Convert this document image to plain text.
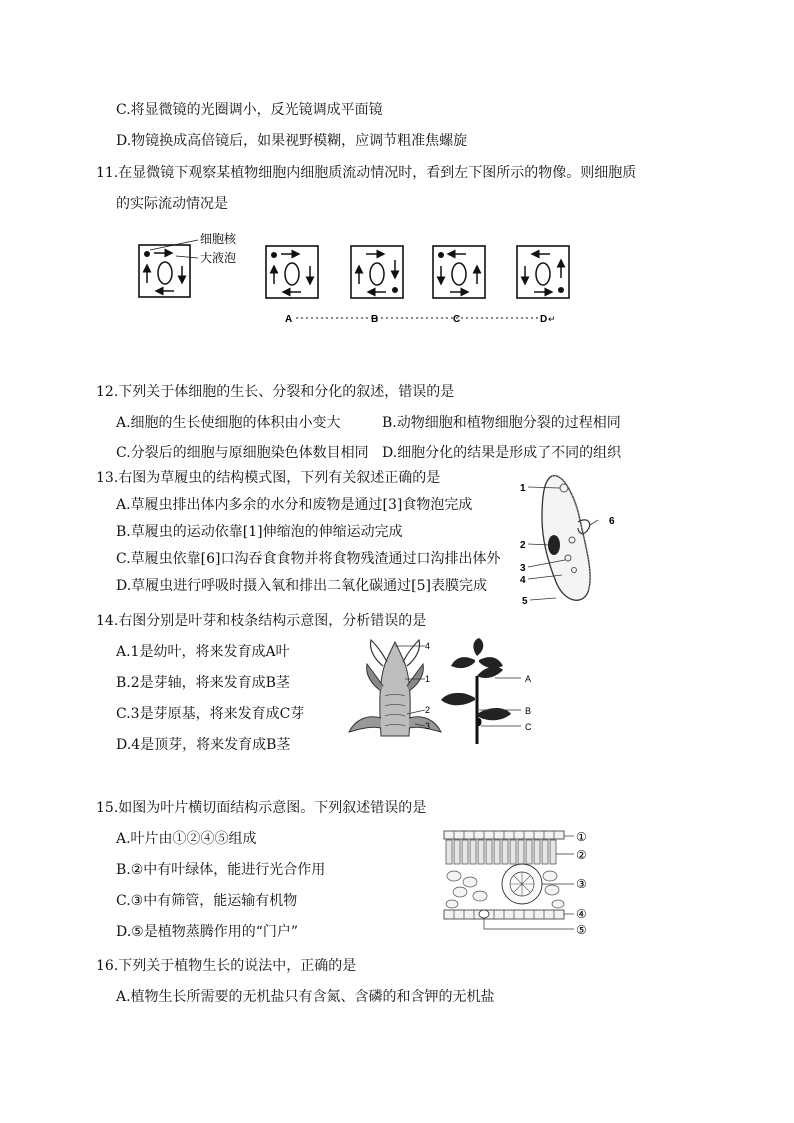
C.将显微镜的光圈调小，反光镜调成平面镜
D.物镜换成高倍镜后，如果视野模糊，应调节粗准焦螺旋
11.在显微镜下观察某植物细胞内细胞质流动情况时，看到左下图所示的物像。则细胞质
的实际流动情况是
细胞核
大液泡
A	B	C	D ↵
12.下列关于体细胞的生长、分裂和分化的叙述，错误的是
A.细胞的生长使细胞的体积由小变大	B.动物细胞和植物细胞分裂的过程相同
C.分裂后的细胞与原细胞染色体数目相同 D.细胞分化的结果是形成了不同的组织
13.右图为草履虫的结构模式图，下列有关叙述正确的是
A.草履虫排出体内多余的水分和废物是通过[3]食物泡完成
B.草履虫的运动依靠[1]伸缩泡的伸缩运动完成
C.草履虫依靠[6]口沟吞食食物并将食物残渣通过口沟排出体外
D.草履虫进行呼吸时摄入氧和排出二氧化碳通过[5]表膜完成
1
2
3
4
5
6
14.右图分别是叶芽和枝条结构示意图，分析错误的是
A.1是幼叶，将来发育成A叶
B.2是芽轴，将来发育成B茎
C.3是芽原基，将来发育成C芽
D.4是顶芽，将来发育成B茎
4
1
2
3
A
B
C
15.如图为叶片横切面结构示意图。下列叙述错误的是
A.叶片由①②④⑤组成
B.②中有叶绿体，能进行光合作用
C.③中有筛管，能运输有机物
D.⑤是植物蒸腾作用的“门户”
①
②
③
④
⑤
16.下列关于植物生长的说法中，正确的是
A.植物生长所需要的无机盐只有含氮、含磷的和含钾的无机盐
